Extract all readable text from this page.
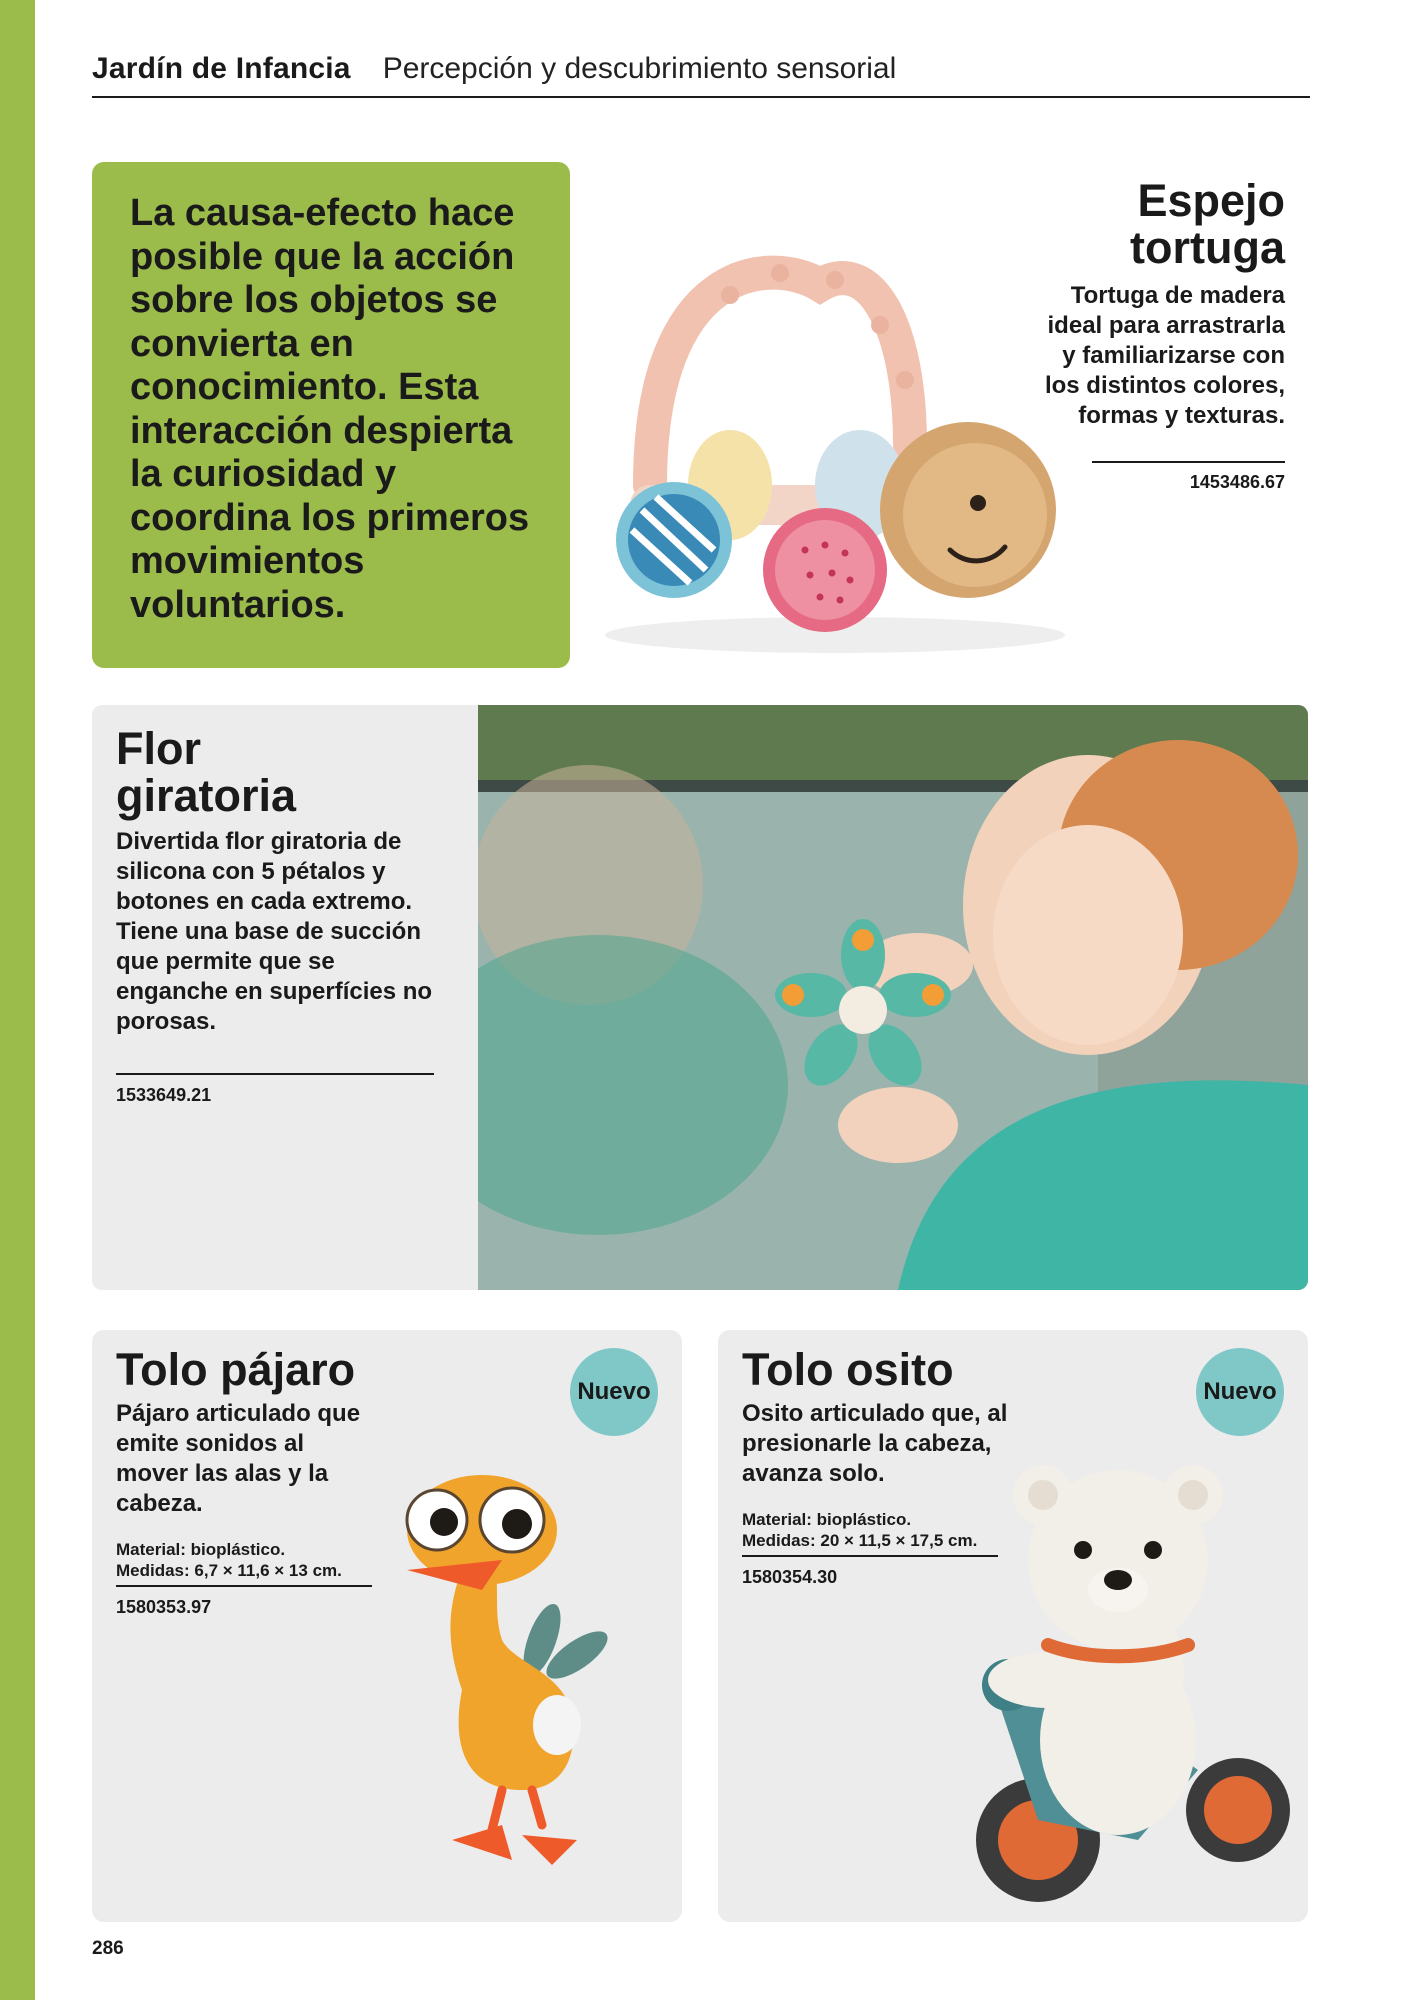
Jardín de Infancia Percepción y descubrimiento sensorial

La causa-efecto hace posible que la acción sobre los objetos se convierta en conocimiento. Esta interacción despierta la curiosidad y coordina los primeros movimientos voluntarios.

Espejo
tortuga
Tortuga de madera ideal para arrastrarla y familiarizarse con los distintos colores, formas y texturas.
1453486.67
Flor
giratoria
Divertida flor giratoria de silicona con 5 pétalos y botones en cada extremo. Tiene una base de succión que permite que se enganche en superfícies no porosas.
1533649.21
Tolo pájaro
Pájaro articulado que emite sonidos al mover las alas y la cabeza.
Material: bioplástico.
Medidas: 6,7 × 11,6 × 13 cm.
1580353.97
Nuevo Tolo osito
Osito articulado que, al presionarle la cabeza, avanza solo.
Material: bioplástico.
Medidas: 20 × 11,5 × 17,5 cm.
1580354.30
Nuevo
286
